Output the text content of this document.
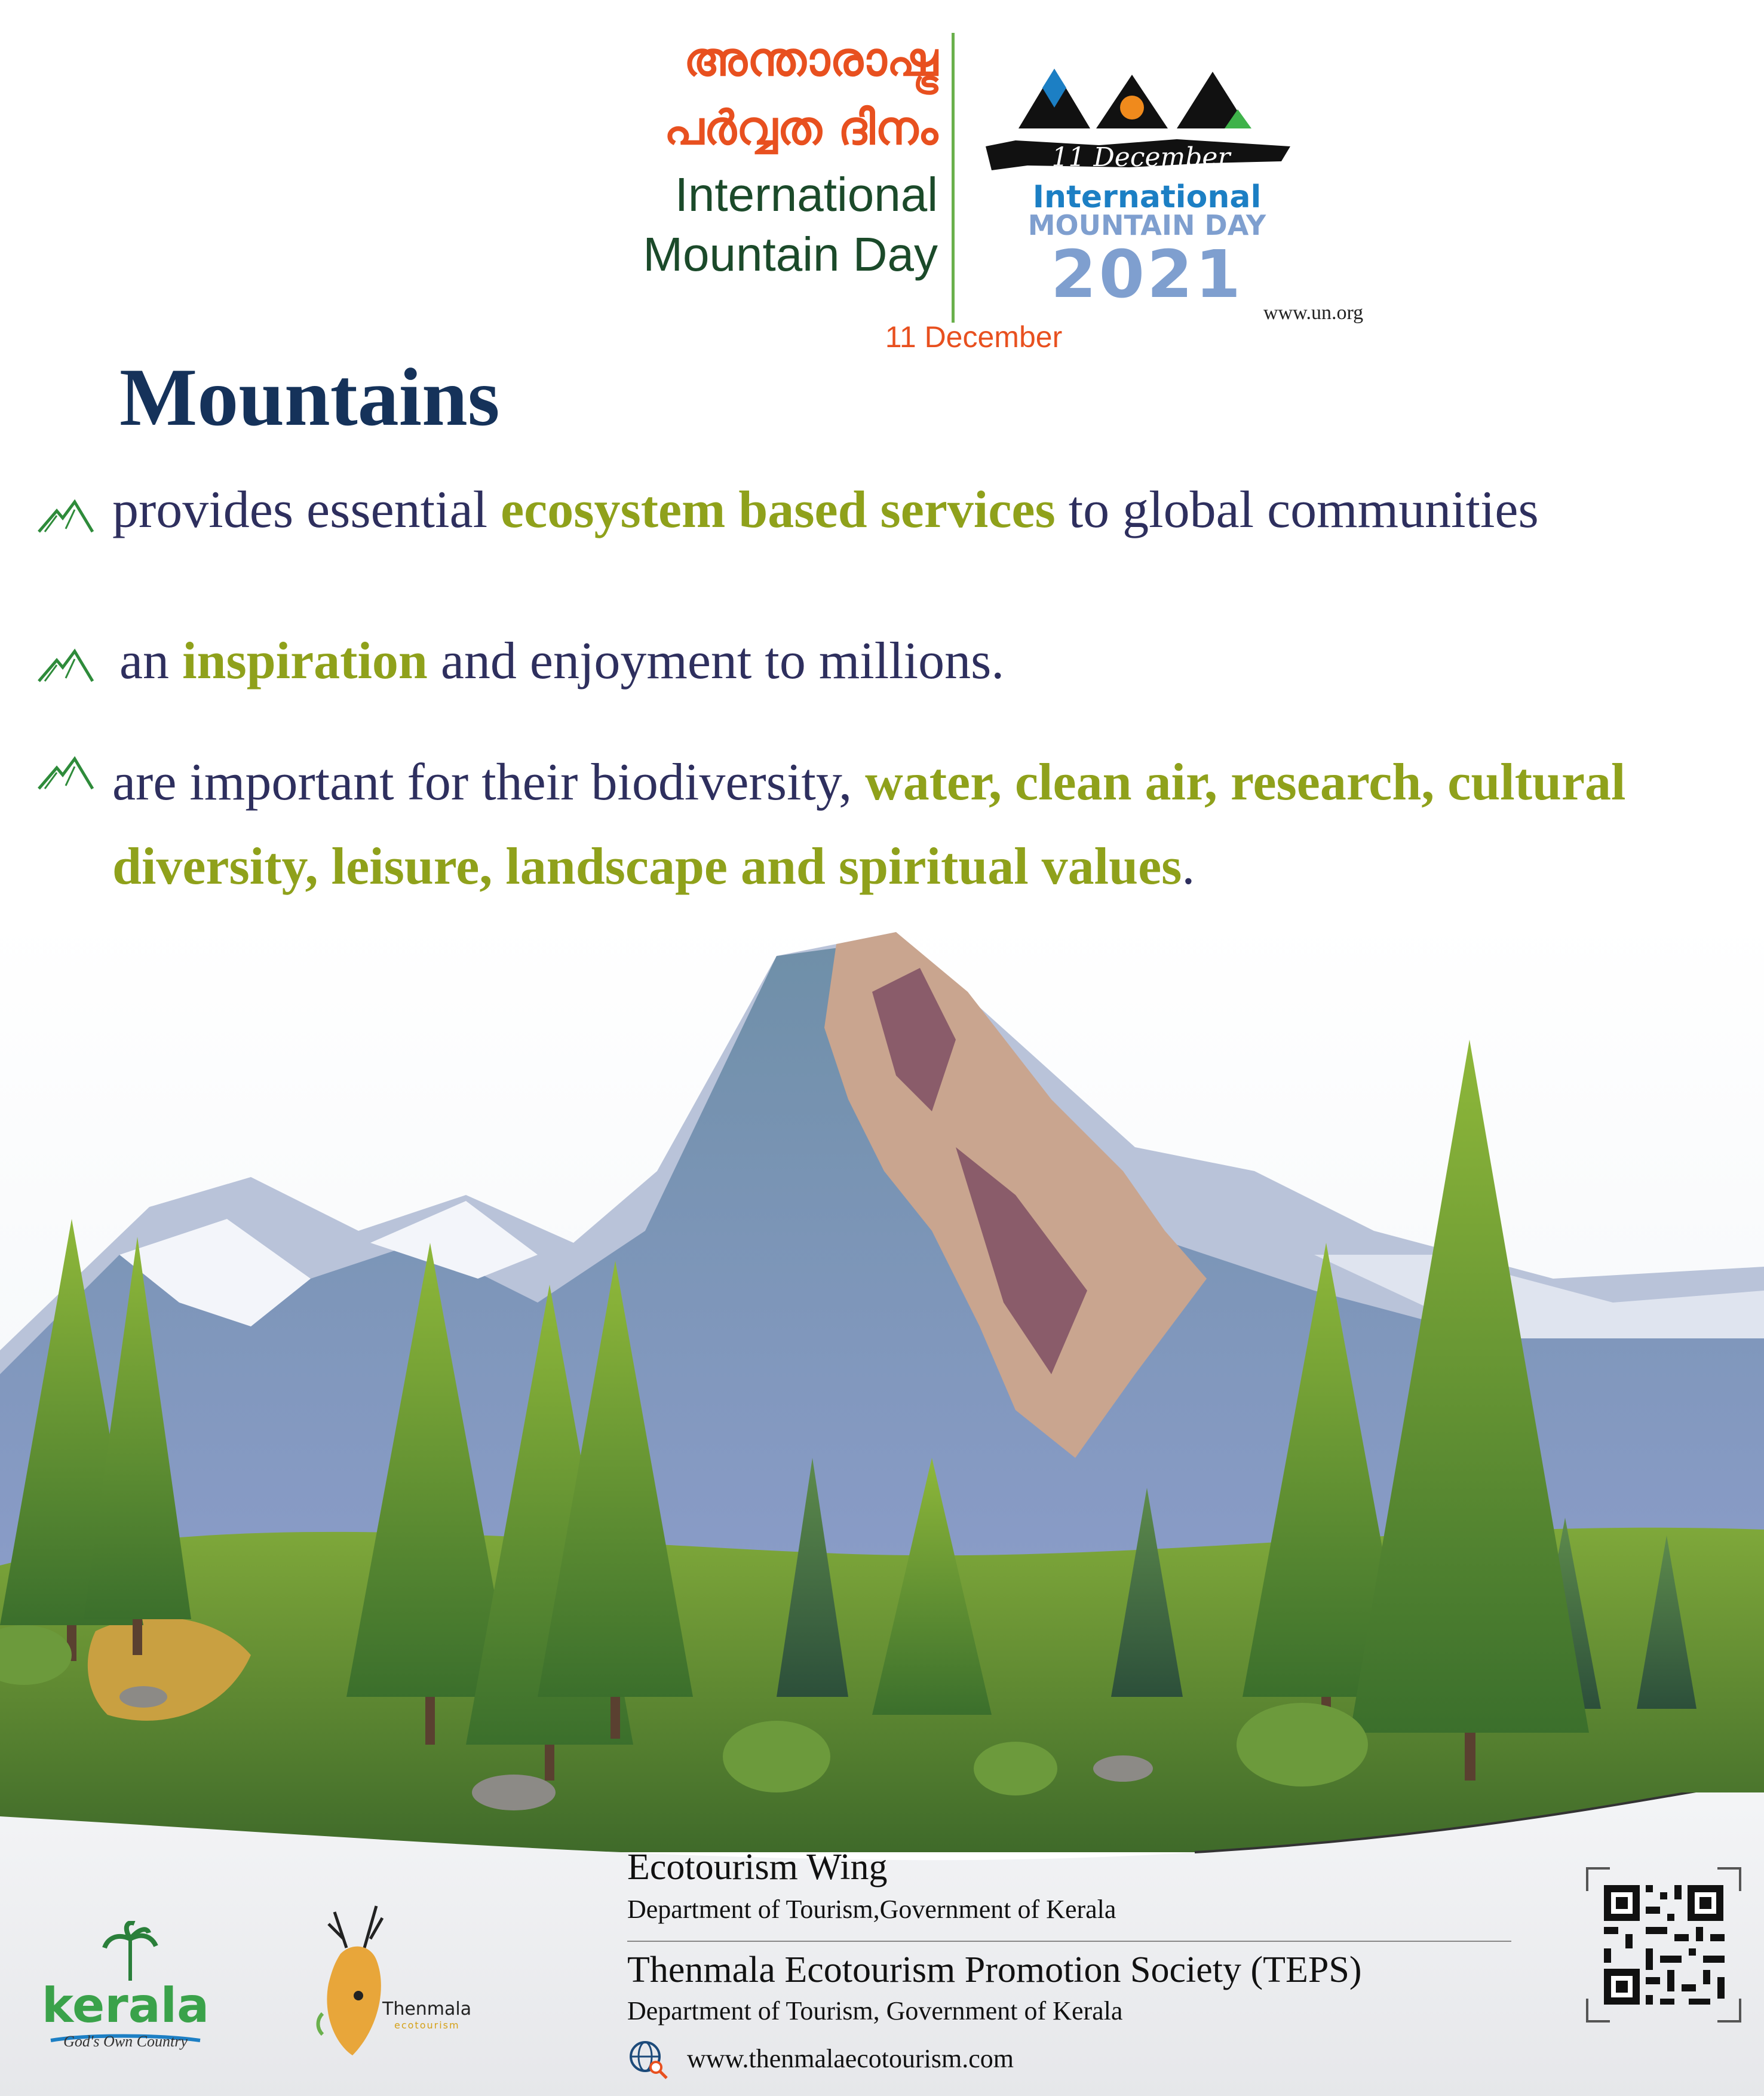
അന്താരാഷ്ട്ര
പർവ്വത ദിനം
International
Mountain Day
11 December
11 December
International
MOUNTAIN DAY
2021
www.un.org
Mountains
provides essential ecosystem based services to global communities
an inspiration and enjoyment to millions.
are important for their biodiversity, water, clean air, research, cultural diversity, leisure, landscape and spiritual values.
kerala
God's Own Country
Thenmala
ecotourism
Ecotourism Wing
Department of Tourism,Government of Kerala
Thenmala Ecotourism Promotion Society (TEPS)
Department of Tourism, Government of Kerala
www.thenmalaecotourism.com
